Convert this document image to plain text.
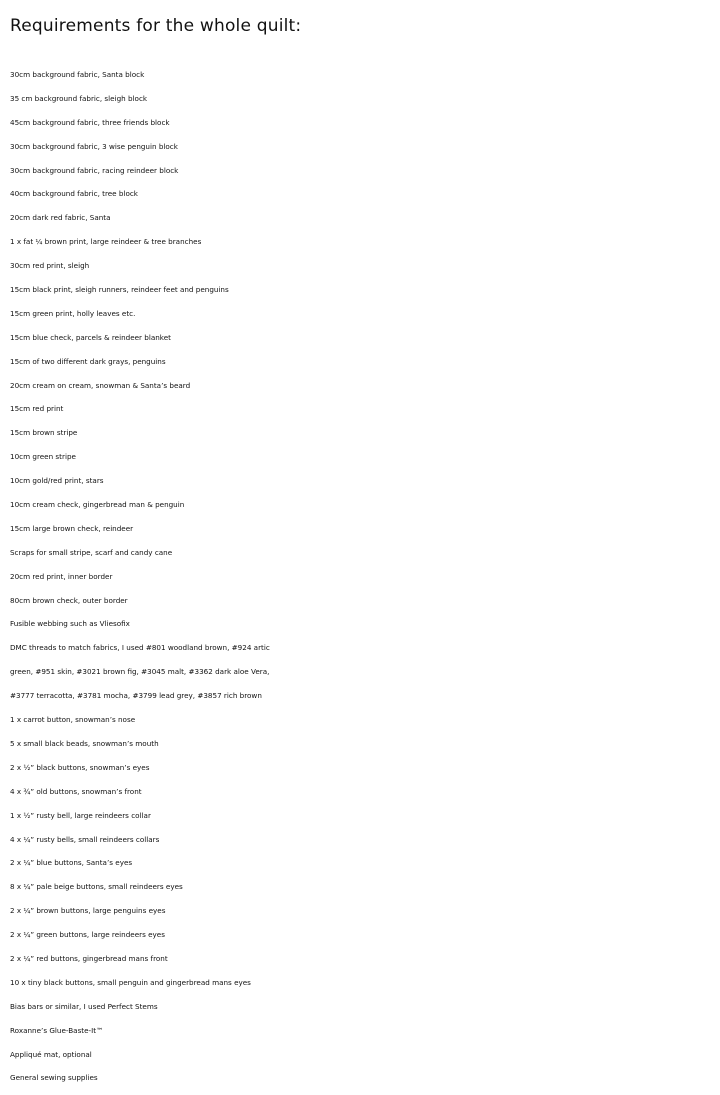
Requirements for the whole quilt:
30cm background fabric, Santa block
35 cm background fabric, sleigh block
45cm background fabric, three friends block
30cm background fabric, 3 wise penguin block
30cm background fabric, racing reindeer block
40cm background fabric, tree block
20cm dark red fabric, Santa
1 x fat ¼ brown print, large reindeer & tree branches
30cm red print, sleigh
15cm black print, sleigh runners, reindeer feet and penguins
15cm green print, holly leaves etc.
15cm blue check, parcels & reindeer blanket
15cm of two different dark grays, penguins
20cm cream on cream, snowman & Santa’s beard
15cm red print
15cm brown stripe
10cm green stripe
10cm gold/red print, stars
10cm cream check, gingerbread man & penguin
15cm large brown check, reindeer
Scraps for small stripe, scarf and candy cane
20cm red print, inner border
80cm brown check, outer border
Fusible webbing such as Vliesofix
DMC threads to match fabrics, I used #801 woodland brown, #924 artic
green, #951 skin, #3021 brown fig, #3045 malt, #3362 dark aloe Vera,
#3777 terracotta, #3781 mocha, #3799 lead grey, #3857 rich brown
1 x carrot button, snowman’s nose
5 x small black beads, snowman’s mouth
2 x ½” black buttons, snowman’s eyes
4 x ¾” old buttons, snowman’s front
1 x ½” rusty bell, large reindeers collar
4 x ¼” rusty bells, small reindeers collars
2 x ¼” blue buttons, Santa’s eyes
8 x ¼” pale beige buttons, small reindeers eyes
2 x ¼” brown buttons, large penguins eyes
2 x ¼” green buttons, large reindeers eyes
2 x ¼” red buttons, gingerbread mans front
10 x tiny black buttons, small penguin and gingerbread mans eyes
Bias bars or similar, I used Perfect Stems
Roxanne’s Glue-Baste-It™
Appliqué mat, optional
General sewing supplies
